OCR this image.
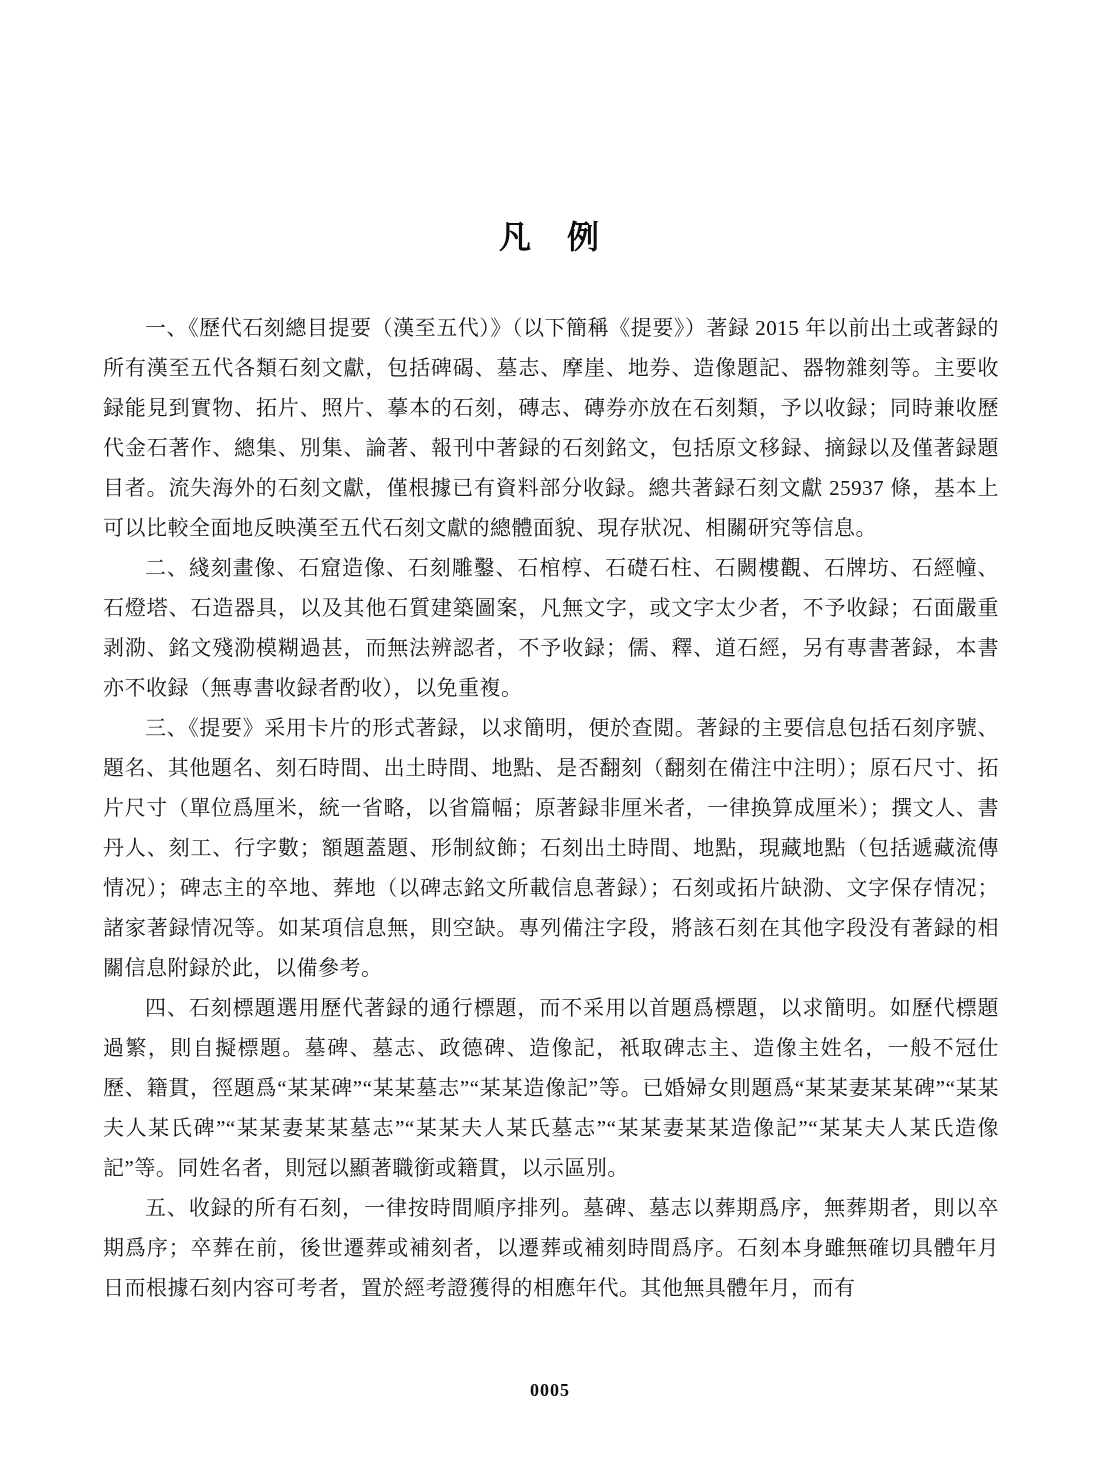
凡　例

一、《歷代石刻總目提要（漢至五代）》（以下簡稱《提要》）著録 2015 年以前出土或著録的所有漢至五代各類石刻文獻，包括碑碣、墓志、摩崖、地券、造像題記、器物雜刻等。主要收録能見到實物、拓片、照片、摹本的石刻，磚志、磚券亦放在石刻類，予以收録；同時兼收歷代金石著作、總集、別集、論著、報刊中著録的石刻銘文，包括原文移録、摘録以及僅著録題目者。流失海外的石刻文獻，僅根據已有資料部分收録。總共著録石刻文獻 25937 條，基本上可以比較全面地反映漢至五代石刻文獻的總體面貌、現存狀况、相關研究等信息。

二、綫刻畫像、石窟造像、石刻雕鑿、石棺椁、石礎石柱、石闕樓觀、石牌坊、石經幢、石燈塔、石造器具，以及其他石質建築圖案，凡無文字，或文字太少者，不予收録；石面嚴重剥泐、銘文殘泐模糊過甚，而無法辨認者，不予收録；儒、釋、道石經，另有專書著録，本書亦不收録（無專書收録者酌收），以免重複。

三、《提要》采用卡片的形式著録，以求簡明，便於查閲。著録的主要信息包括石刻序號、題名、其他題名、刻石時間、出土時間、地點、是否翻刻（翻刻在備注中注明）；原石尺寸、拓片尺寸（單位爲厘米，統一省略，以省篇幅；原著録非厘米者，一律换算成厘米）；撰文人、書丹人、刻工、行字數；額題蓋題、形制紋飾；石刻出土時間、地點，現藏地點（包括遞藏流傳情况）；碑志主的卒地、葬地（以碑志銘文所載信息著録）；石刻或拓片缺泐、文字保存情况；諸家著録情况等。如某項信息無，則空缺。專列備注字段，將該石刻在其他字段没有著録的相關信息附録於此，以備參考。

四、石刻標題選用歷代著録的通行標題，而不采用以首題爲標題，以求簡明。如歷代標題過繁，則自擬標題。墓碑、墓志、政德碑、造像記，衹取碑志主、造像主姓名，一般不冠仕歷、籍貫，徑題爲“某某碑”“某某墓志”“某某造像記”等。已婚婦女則題爲“某某妻某某碑”“某某夫人某氏碑”“某某妻某某墓志”“某某夫人某氏墓志”“某某妻某某造像記”“某某夫人某氏造像記”等。同姓名者，則冠以顯著職銜或籍貫，以示區別。

五、收録的所有石刻，一律按時間順序排列。墓碑、墓志以葬期爲序，無葬期者，則以卒期爲序；卒葬在前，後世遷葬或補刻者，以遷葬或補刻時間爲序。石刻本身雖無確切具體年月日而根據石刻内容可考者，置於經考證獲得的相應年代。其他無具體年月，而有

0005
